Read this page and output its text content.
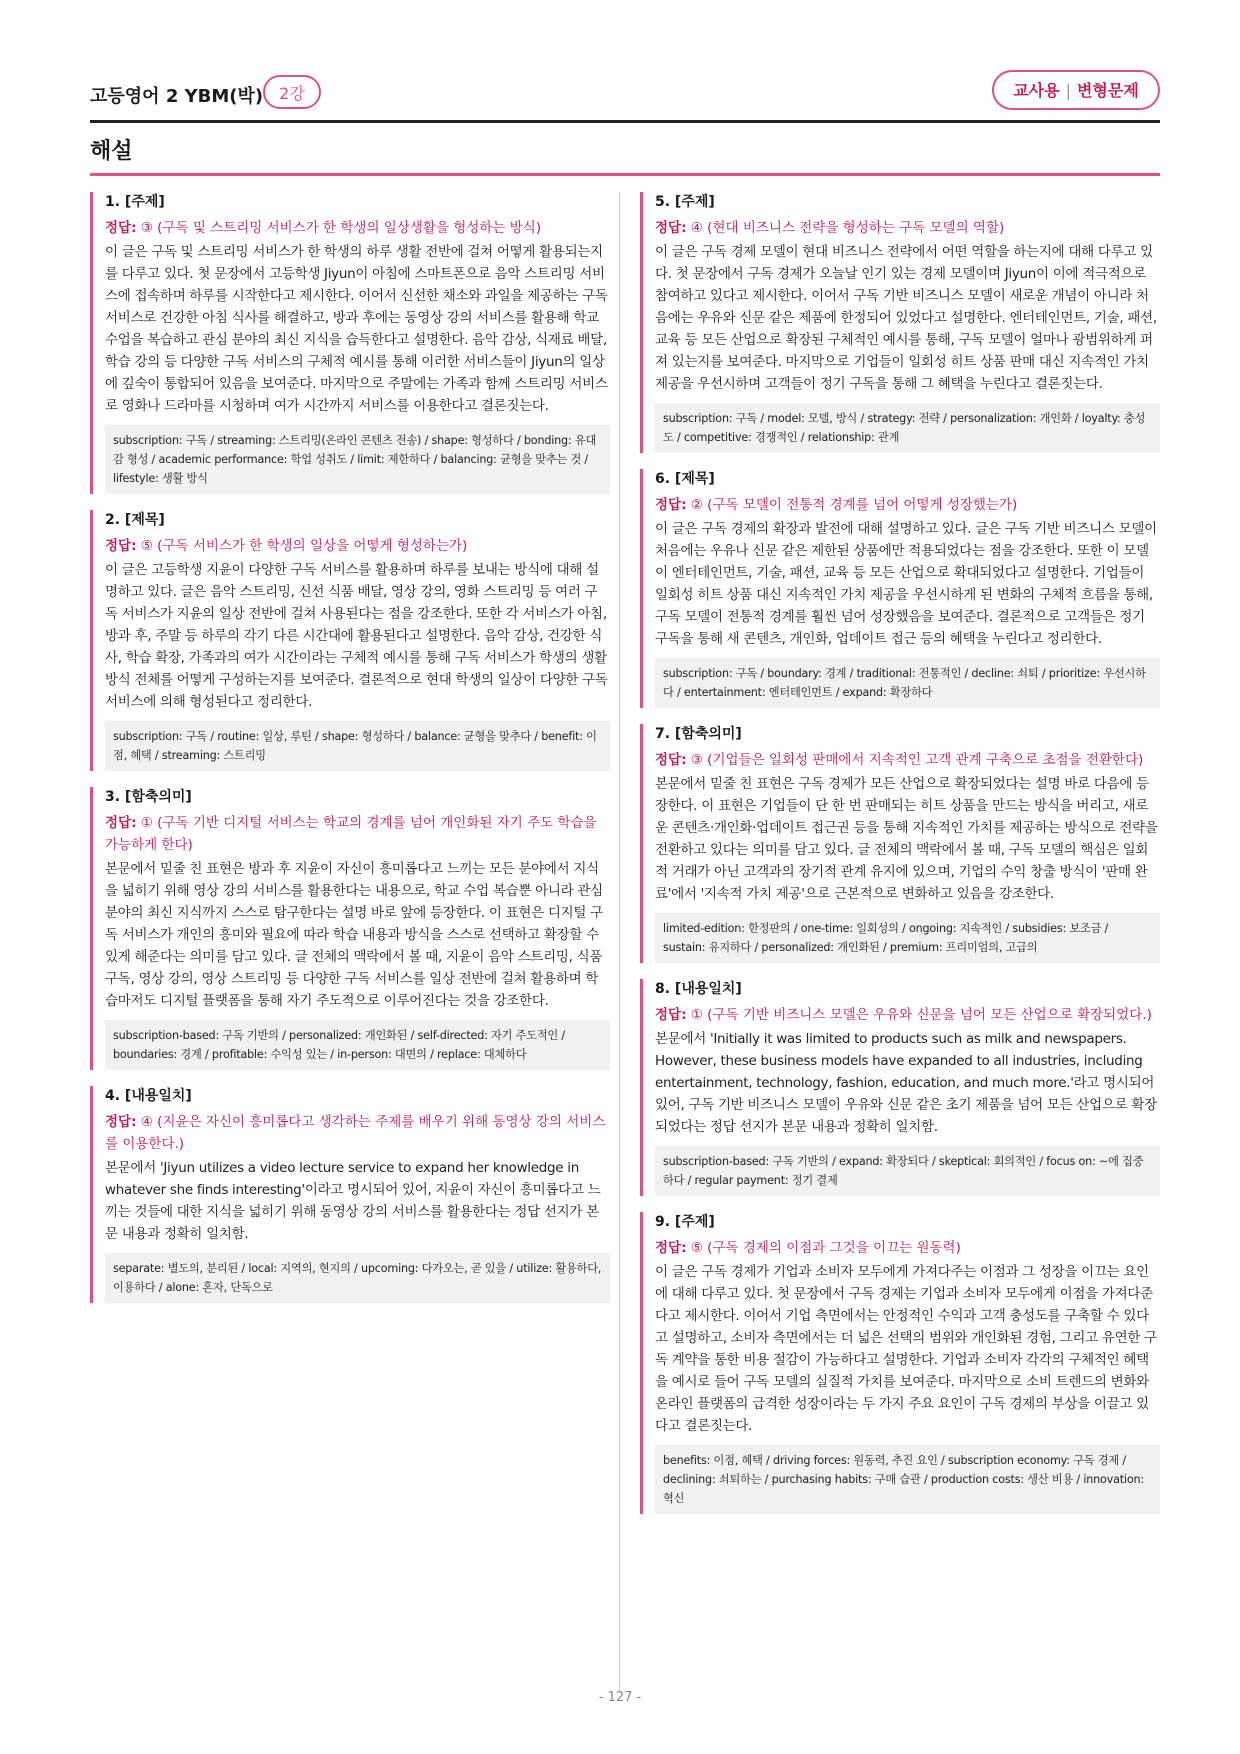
고등영어 2 YBM(박)	2강	교사용 | 변형문제
해설
1. [주제]
정답: ③ (구독 및 스트리밍 서비스가 한 학생의 일상생활을 형성하는 방식)
이 글은 구독 및 스트리밍 서비스가 한 학생의 하루 생활 전반에 걸쳐 어떻게 활용되는지를 다루고 있다. 첫 문장에서 고등학생 Jiyun이 아침에 스마트폰으로 음악 스트리밍 서비스에 접속하며 하루를 시작한다고 제시한다. 이어서 신선한 채소와 과일을 제공하는 구독 서비스로 건강한 아침 식사를 해결하고, 방과 후에는 동영상 강의 서비스를 활용해 학교 수업을 복습하고 관심 분야의 최신 지식을 습득한다고 설명한다. 음악 감상, 식재료 배달, 학습 강의 등 다양한 구독 서비스의 구체적 예시를 통해 이러한 서비스들이 Jiyun의 일상에 깊숙이 통합되어 있음을 보여준다. 마지막으로 주말에는 가족과 함께 스트리밍 서비스로 영화나 드라마를 시청하며 여가 시간까지 서비스를 이용한다고 결론짓는다.
subscription: 구독 / streaming: 스트리밍(온라인 콘텐츠 전송) / shape: 형성하다 / bonding: 유대감 형성 / academic performance: 학업 성취도 / limit: 제한하다 / balancing: 균형을 맞추는 것 / lifestyle: 생활 방식
2. [제목]
정답: ⑤ (구독 서비스가 한 학생의 일상을 어떻게 형성하는가)
이 글은 고등학생 지윤이 다양한 구독 서비스를 활용하며 하루를 보내는 방식에 대해 설명하고 있다. 글은 음악 스트리밍, 신선 식품 배달, 영상 강의, 영화 스트리밍 등 여러 구독 서비스가 지윤의 일상 전반에 걸쳐 사용된다는 점을 강조한다. 또한 각 서비스가 아침, 방과 후, 주말 등 하루의 각기 다른 시간대에 활용된다고 설명한다. 음악 감상, 건강한 식사, 학습 확장, 가족과의 여가 시간이라는 구체적 예시를 통해 구독 서비스가 학생의 생활 방식 전체를 어떻게 구성하는지를 보여준다. 결론적으로 현대 학생의 일상이 다양한 구독 서비스에 의해 형성된다고 정리한다.
subscription: 구독 / routine: 일상, 루틴 / shape: 형성하다 / balance: 균형을 맞추다 / benefit: 이점, 혜택 / streaming: 스트리밍
3. [함축의미]
정답: ① (구독 기반 디지털 서비스는 학교의 경계를 넘어 개인화된 자기 주도 학습을 가능하게 한다)
본문에서 밑줄 친 표현은 방과 후 지윤이 자신이 흥미롭다고 느끼는 모든 분야에서 지식을 넓히기 위해 영상 강의 서비스를 활용한다는 내용으로, 학교 수업 복습뿐 아니라 관심 분야의 최신 지식까지 스스로 탐구한다는 설명 바로 앞에 등장한다. 이 표현은 디지털 구독 서비스가 개인의 흥미와 필요에 따라 학습 내용과 방식을 스스로 선택하고 확장할 수 있게 해준다는 의미를 담고 있다. 글 전체의 맥락에서 볼 때, 지윤이 음악 스트리밍, 식품 구독, 영상 강의, 영상 스트리밍 등 다양한 구독 서비스를 일상 전반에 걸쳐 활용하며 학습마저도 디지털 플랫폼을 통해 자기 주도적으로 이루어진다는 것을 강조한다.
subscription-based: 구독 기반의 / personalized: 개인화된 / self-directed: 자기 주도적인 / boundaries: 경계 / profitable: 수익성 있는 / in-person: 대면의 / replace: 대체하다
4. [내용일치]
정답: ④ (지윤은 자신이 흥미롭다고 생각하는 주제를 배우기 위해 동영상 강의 서비스를 이용한다.)
본문에서 'Jiyun utilizes a video lecture service to expand her knowledge in whatever she finds interesting'이라고 명시되어 있어, 지윤이 자신이 흥미롭다고 느끼는 것들에 대한 지식을 넓히기 위해 동영상 강의 서비스를 활용한다는 정답 선지가 본문 내용과 정확히 일치함.
separate: 별도의, 분리된 / local: 지역의, 현지의 / upcoming: 다가오는, 곧 있을 / utilize: 활용하다, 이용하다 / alone: 혼자, 단독으로
5. [주제]
정답: ④ (현대 비즈니스 전략을 형성하는 구독 모델의 역할)
이 글은 구독 경제 모델이 현대 비즈니스 전략에서 어떤 역할을 하는지에 대해 다루고 있다. 첫 문장에서 구독 경제가 오늘날 인기 있는 경제 모델이며 Jiyun이 이에 적극적으로 참여하고 있다고 제시한다. 이어서 구독 기반 비즈니스 모델이 새로운 개념이 아니라 처음에는 우유와 신문 같은 제품에 한정되어 있었다고 설명한다. 엔터테인먼트, 기술, 패션, 교육 등 모든 산업으로 확장된 구체적인 예시를 통해, 구독 모델이 얼마나 광범위하게 퍼져 있는지를 보여준다. 마지막으로 기업들이 일회성 히트 상품 판매 대신 지속적인 가치 제공을 우선시하며 고객들이 정기 구독을 통해 그 혜택을 누린다고 결론짓는다.
subscription: 구독 / model: 모델, 방식 / strategy: 전략 / personalization: 개인화 / loyalty: 충성도 / competitive: 경쟁적인 / relationship: 관계
6. [제목]
정답: ② (구독 모델이 전통적 경계를 넘어 어떻게 성장했는가)
이 글은 구독 경제의 확장과 발전에 대해 설명하고 있다. 글은 구독 기반 비즈니스 모델이 처음에는 우유나 신문 같은 제한된 상품에만 적용되었다는 점을 강조한다. 또한 이 모델이 엔터테인먼트, 기술, 패션, 교육 등 모든 산업으로 확대되었다고 설명한다. 기업들이 일회성 히트 상품 대신 지속적인 가치 제공을 우선시하게 된 변화의 구체적 흐름을 통해, 구독 모델이 전통적 경계를 훨씬 넘어 성장했음을 보여준다. 결론적으로 고객들은 정기 구독을 통해 새 콘텐츠, 개인화, 업데이트 접근 등의 혜택을 누린다고 정리한다.
subscription: 구독 / boundary: 경계 / traditional: 전통적인 / decline: 쇠퇴 / prioritize: 우선시하다 / entertainment: 엔터테인먼트 / expand: 확장하다
7. [함축의미]
정답: ③ (기업들은 일회성 판매에서 지속적인 고객 관계 구축으로 초점을 전환한다)
본문에서 밑줄 친 표현은 구독 경제가 모든 산업으로 확장되었다는 설명 바로 다음에 등장한다. 이 표현은 기업들이 단 한 번 판매되는 히트 상품을 만드는 방식을 버리고, 새로운 콘텐츠·개인화·업데이트 접근권 등을 통해 지속적인 가치를 제공하는 방식으로 전략을 전환하고 있다는 의미를 담고 있다. 글 전체의 맥락에서 볼 때, 구독 모델의 핵심은 일회적 거래가 아닌 고객과의 장기적 관계 유지에 있으며, 기업의 수익 창출 방식이 '판매 완료'에서 '지속적 가치 제공'으로 근본적으로 변화하고 있음을 강조한다.
limited-edition: 한정판의 / one-time: 일회성의 / ongoing: 지속적인 / subsidies: 보조금 / sustain: 유지하다 / personalized: 개인화된 / premium: 프리미엄의, 고급의
8. [내용일치]
정답: ① (구독 기반 비즈니스 모델은 우유와 신문을 넘어 모든 산업으로 확장되었다.)
본문에서 'Initially it was limited to products such as milk and newspapers. However, these business models have expanded to all industries, including entertainment, technology, fashion, education, and much more.'라고 명시되어 있어, 구독 기반 비즈니스 모델이 우유와 신문 같은 초기 제품을 넘어 모든 산업으로 확장되었다는 정답 선지가 본문 내용과 정확히 일치함.
subscription-based: 구독 기반의 / expand: 확장되다 / skeptical: 회의적인 / focus on: ~에 집중하다 / regular payment: 정기 결제
9. [주제]
정답: ⑤ (구독 경제의 이점과 그것을 이끄는 원동력)
이 글은 구독 경제가 기업과 소비자 모두에게 가져다주는 이점과 그 성장을 이끄는 요인에 대해 다루고 있다. 첫 문장에서 구독 경제는 기업과 소비자 모두에게 이점을 가져다준다고 제시한다. 이어서 기업 측면에서는 안정적인 수익과 고객 충성도를 구축할 수 있다고 설명하고, 소비자 측면에서는 더 넓은 선택의 범위와 개인화된 경험, 그리고 유연한 구독 계약을 통한 비용 절감이 가능하다고 설명한다. 기업과 소비자 각각의 구체적인 혜택을 예시로 들어 구독 모델의 실질적 가치를 보여준다. 마지막으로 소비 트렌드의 변화와 온라인 플랫폼의 급격한 성장이라는 두 가지 주요 요인이 구독 경제의 부상을 이끌고 있다고 결론짓는다.
benefits: 이점, 혜택 / driving forces: 원동력, 추진 요인 / subscription economy: 구독 경제 / declining: 쇠퇴하는 / purchasing habits: 구매 습관 / production costs: 생산 비용 / innovation: 혁신
- 127 -
